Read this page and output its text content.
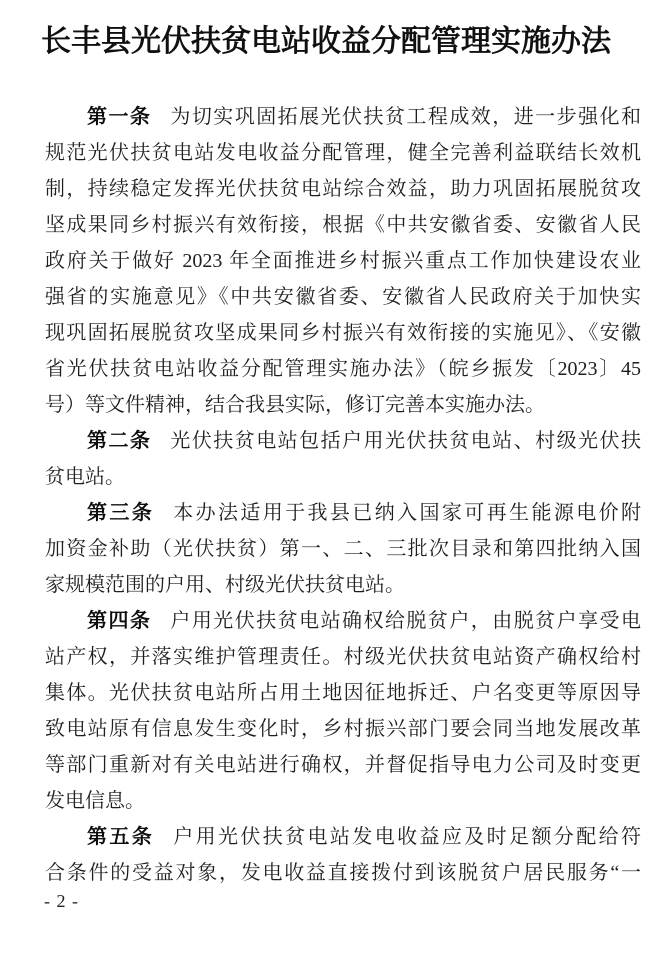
长丰县光伏扶贫电站收益分配管理实施办法
第一条 为切实巩固拓展光伏扶贫工程成效，进一步强化和
规范光伏扶贫电站发电收益分配管理，健全完善利益联结长效机
制，持续稳定发挥光伏扶贫电站综合效益，助力巩固拓展脱贫攻
坚成果同乡村振兴有效衔接，根据《中共安徽省委、安徽省人民
政府关于做好 2023 年全面推进乡村振兴重点工作加快建设农业
强省的实施意见》《中共安徽省委、安徽省人民政府关于加快实
现巩固拓展脱贫攻坚成果同乡村振兴有效衔接的实施见》、《安徽
省光伏扶贫电站收益分配管理实施办法》（皖乡振发〔2023〕45
号）等文件精神，结合我县实际，修订完善本实施办法。
第二条 光伏扶贫电站包括户用光伏扶贫电站、村级光伏扶
贫电站。
第三条 本办法适用于我县已纳入国家可再生能源电价附
加资金补助（光伏扶贫）第一、二、三批次目录和第四批纳入国
家规模范围的户用、村级光伏扶贫电站。
第四条 户用光伏扶贫电站确权给脱贫户，由脱贫户享受电
站产权，并落实维护管理责任。村级光伏扶贫电站资产确权给村
集体。光伏扶贫电站所占用土地因征地拆迁、户名变更等原因导
致电站原有信息发生变化时，乡村振兴部门要会同当地发展改革
等部门重新对有关电站进行确权，并督促指导电力公司及时变更
发电信息。
第五条 户用光伏扶贫电站发电收益应及时足额分配给符
合条件的受益对象，发电收益直接拨付到该脱贫户居民服务“一
- 2 -
